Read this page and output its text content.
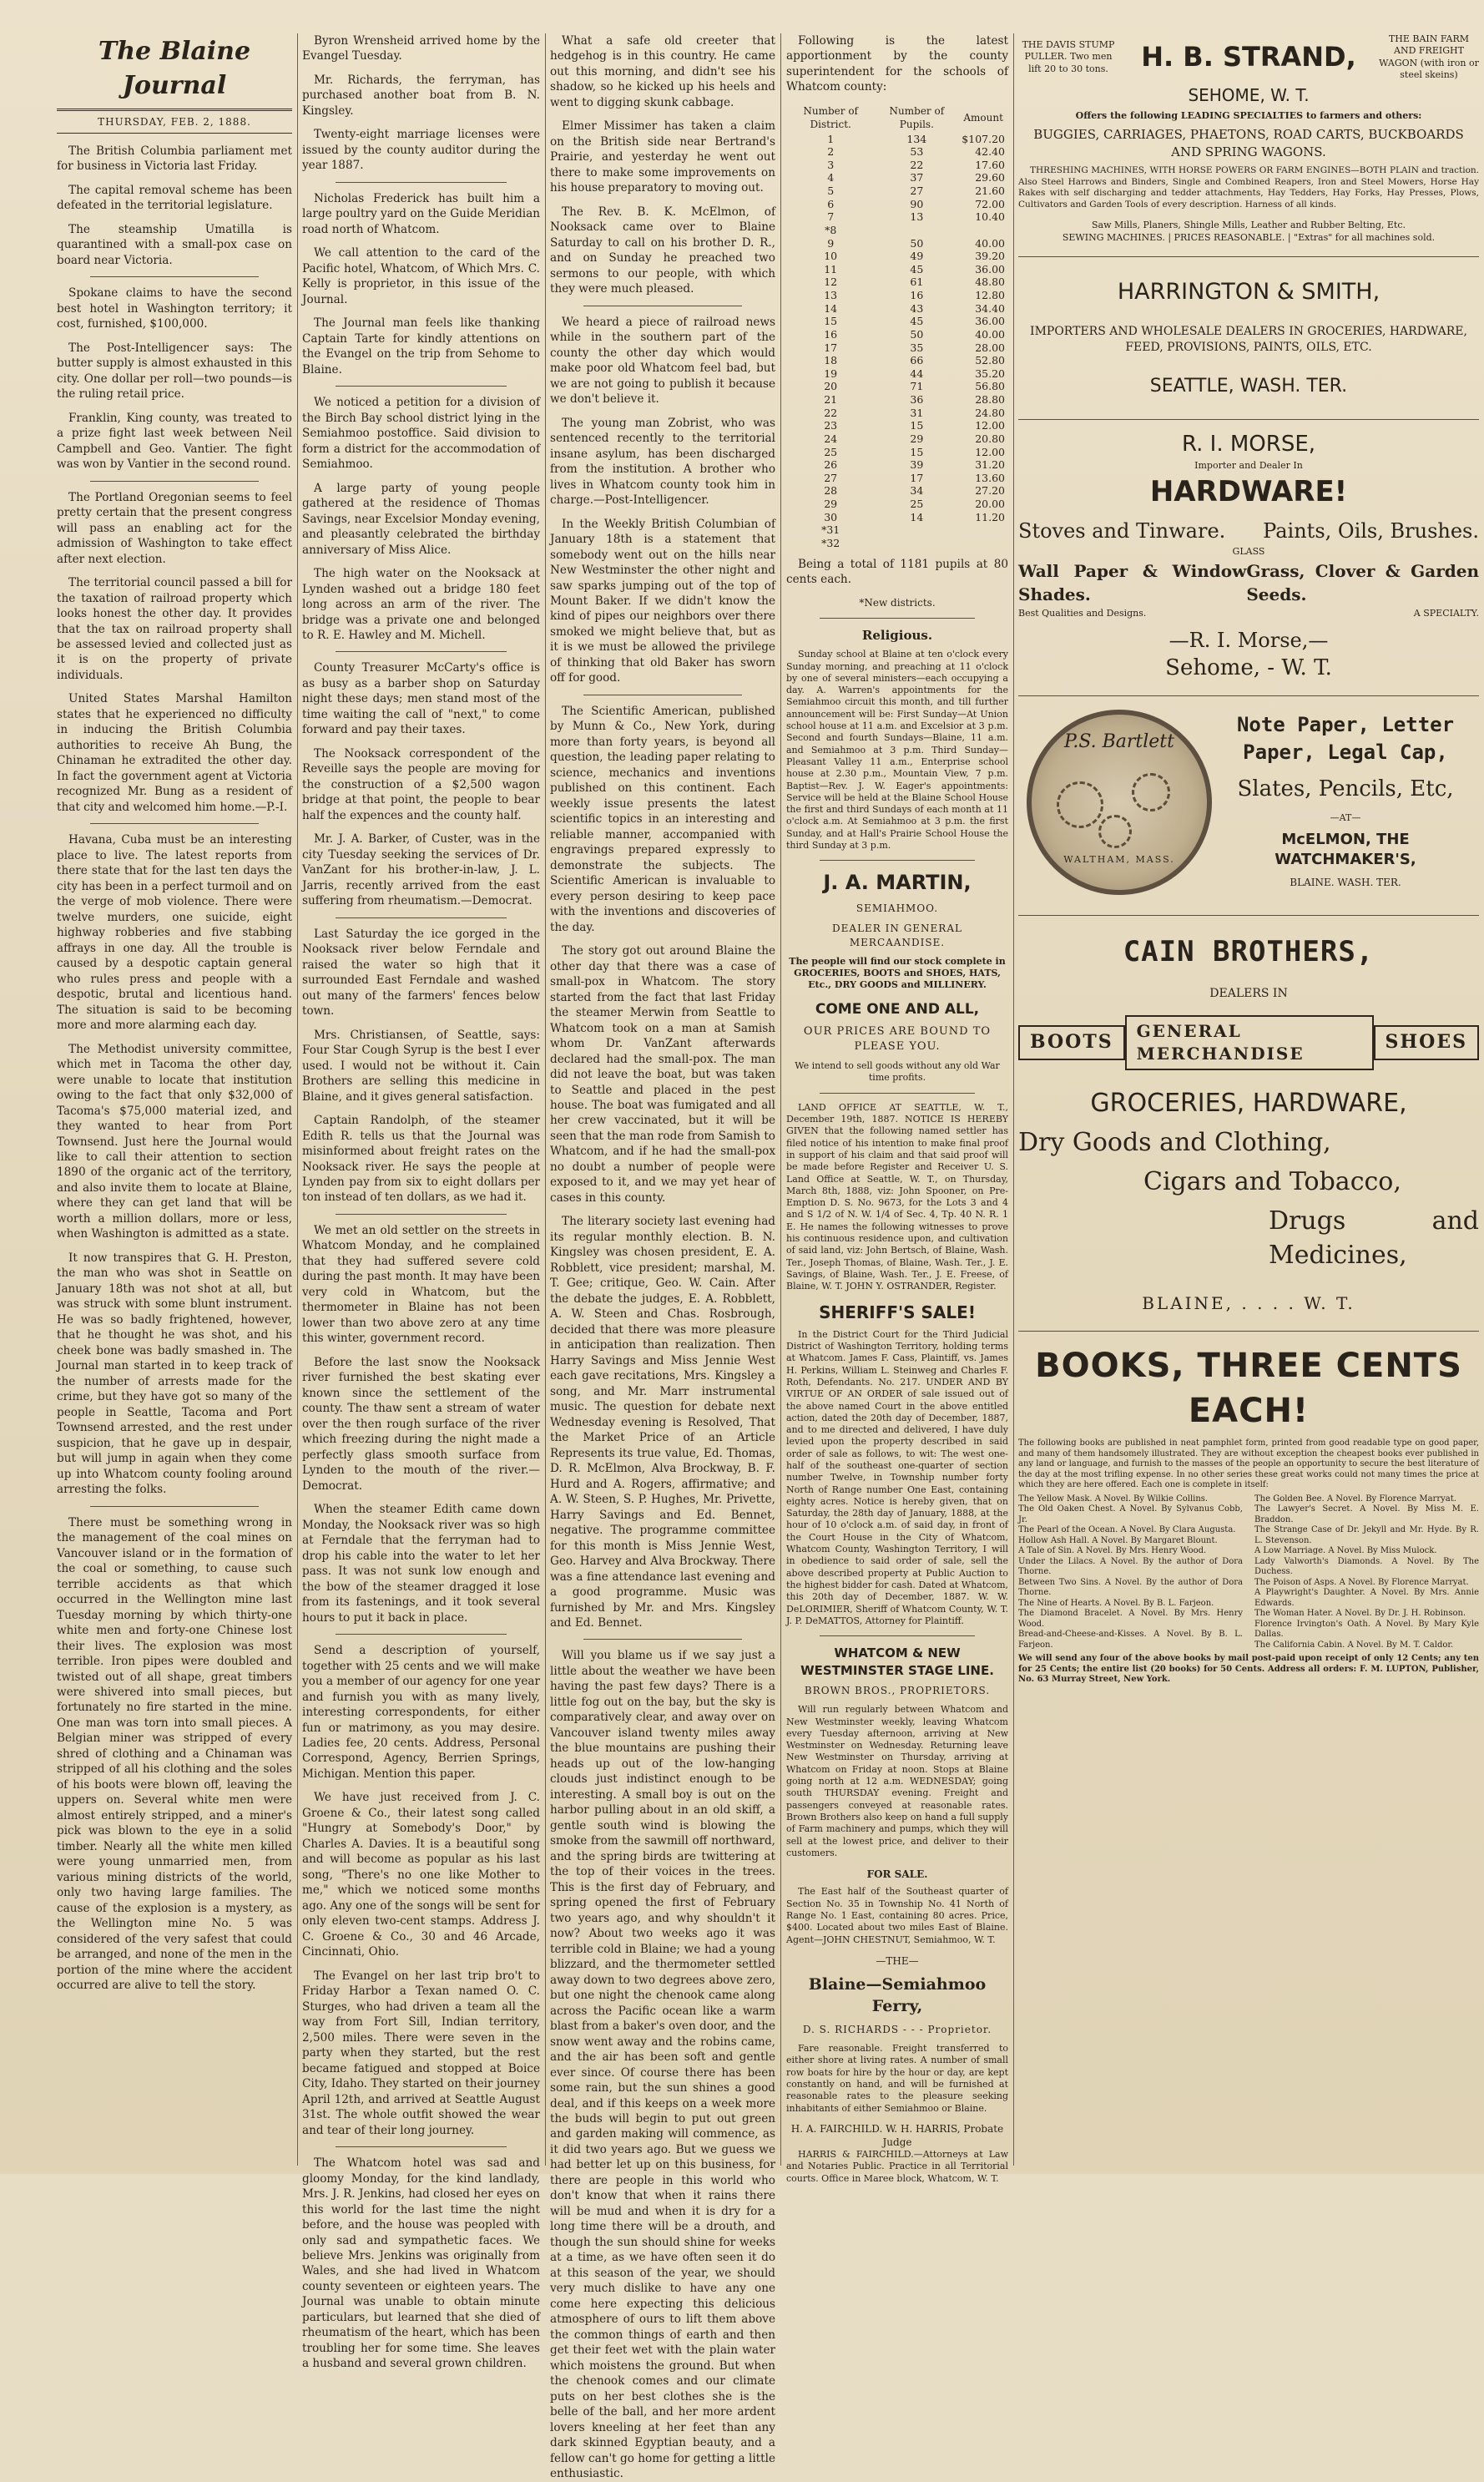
The Blaine Journal
THURSDAY, FEB. 2, 1888.

The British Columbia parliament met for business in Victoria last Friday.

The capital removal scheme has been defeated in the territorial legislature.

The steamship Umatilla is quarantined with a small-pox case on board near Victoria.

Spokane claims to have the second best hotel in Washington territory; it cost, furnished, $100,000.

The Post-Intelligencer says: The butter supply is almost exhausted in this city. One dollar per roll—two pounds—is the ruling retail price.

Franklin, King county, was treated to a prize fight last week between Neil Campbell and Geo. Vantier. The fight was won by Vantier in the second round.

The Portland Oregonian seems to feel pretty certain that the present congress will pass an enabling act for the admission of Washington to take effect after next election.

The territorial council passed a bill for the taxation of railroad property which looks honest the other day. It provides that the tax on railroad property shall be assessed levied and collected just as it is on the property of private individuals.

United States Marshal Hamilton states that he experienced no difficulty in inducing the British Columbia authorities to receive Ah Bung, the Chinaman he extradited the other day. In fact the government agent at Victoria recognized Mr. Bung as a resident of that city and welcomed him home.—P.-I.

Havana, Cuba must be an interesting place to live. The latest reports from there state that for the last ten days the city has been in a perfect turmoil and on the verge of mob violence. There were twelve murders, one suicide, eight highway robberies and five stabbing affrays in one day. All the trouble is caused by a despotic captain general who rules press and people with a despotic, brutal and licentious hand. The situation is said to be becoming more and more alarming each day.

The Methodist university committee, which met in Tacoma the other day, were unable to locate that institution owing to the fact that only $32,000 of Tacoma's $75,000 material ized, and they wanted to hear from Port Townsend. Just here the Journal would like to call their attention to section 1890 of the organic act of the territory, and also invite them to locate at Blaine, where they can get land that will be worth a million dollars, more or less, when Washington is admitted as a state.

It now transpires that G. H. Preston, the man who was shot in Seattle on January 18th was not shot at all, but was struck with some blunt instrument. He was so badly frightened, however, that he thought he was shot, and his cheek bone was badly smashed in. The Journal man started in to keep track of the number of arrests made for the crime, but they have got so many of the people in Seattle, Tacoma and Port Townsend arrested, and the rest under suspicion, that he gave up in despair, but will jump in again when they come up into Whatcom county fooling around arresting the folks.

There must be something wrong in the management of the coal mines on Vancouver island or in the formation of the coal or something, to cause such terrible accidents as that which occurred in the Wellington mine last Tuesday morning by which thirty-one white men and forty-one Chinese lost their lives. The explosion was most terrible. Iron pipes were doubled and twisted out of all shape, great timbers were shivered into small pieces, but fortunately no fire started in the mine. One man was torn into small pieces. A Belgian miner was stripped of every shred of clothing and a Chinaman was stripped of all his clothing and the soles of his boots were blown off, leaving the uppers on. Several white men were almost entirely stripped, and a miner's pick was blown to the eye in a solid timber. Nearly all the white men killed were young unmarried men, from various mining districts of the world, only two having large families. The cause of the explosion is a mystery, as the Wellington mine No. 5 was considered of the very safest that could be arranged, and none of the men in the portion of the mine where the accident occurred are alive to tell the story.

Byron Wrensheid arrived home by the Evangel Tuesday.

Mr. Richards, the ferryman, has purchased another boat from B. N. Kingsley.

Twenty-eight marriage licenses were issued by the county auditor during the year 1887.

Nicholas Frederick has built him a large poultry yard on the Guide Meridian road north of Whatcom.

We call attention to the card of the Pacific hotel, Whatcom, of Which Mrs. C. Kelly is proprietor, in this issue of the Journal.

The Journal man feels like thanking Captain Tarte for kindly attentions on the Evangel on the trip from Sehome to Blaine.

We noticed a petition for a division of the Birch Bay school district lying in the Semiahmoo postoffice. Said division to form a district for the accommodation of Semiahmoo.

A large party of young people gathered at the residence of Thomas Savings, near Excelsior Monday evening, and pleasantly celebrated the birthday anniversary of Miss Alice.

The high water on the Nooksack at Lynden washed out a bridge 180 feet long across an arm of the river. The bridge was a private one and belonged to R. E. Hawley and M. Michell.

County Treasurer McCarty's office is as busy as a barber shop on Saturday night these days; men stand most of the time waiting the call of "next," to come forward and pay their taxes.

The Nooksack correspondent of the Reveille says the people are moving for the construction of a $2,500 wagon bridge at that point, the people to bear half the expences and the county half.

Mr. J. A. Barker, of Custer, was in the city Tuesday seeking the services of Dr. VanZant for his brother-in-law, J. L. Jarris, recently arrived from the east suffering from rheumatism.—Democrat.

Last Saturday the ice gorged in the Nooksack river below Ferndale and raised the water so high that it surrounded East Ferndale and washed out many of the farmers' fences below town.

Mrs. Christiansen, of Seattle, says: Four Star Cough Syrup is the best I ever used. I would not be without it. Cain Brothers are selling this medicine in Blaine, and it gives general satisfaction.

Captain Randolph, of the steamer Edith R. tells us that the Journal was misinformed about freight rates on the Nooksack river. He says the people at Lynden pay from six to eight dollars per ton instead of ten dollars, as we had it.

We met an old settler on the streets in Whatcom Monday, and he complained that they had suffered severe cold during the past month. It may have been very cold in Whatcom, but the thermometer in Blaine has not been lower than two above zero at any time this winter, government record.

Before the last snow the Nooksack river furnished the best skating ever known since the settlement of the county. The thaw sent a stream of water over the then rough surface of the river which freezing during the night made a perfectly glass smooth surface from Lynden to the mouth of the river.—Democrat.

When the steamer Edith came down Monday, the Nooksack river was so high at Ferndale that the ferryman had to drop his cable into the water to let her pass. It was not sunk low enough and the bow of the steamer dragged it lose from its fastenings, and it took several hours to put it back in place.

Send a description of yourself, together with 25 cents and we will make you a member of our agency for one year and furnish you with as many lively, interesting correspondents, for either fun or matrimony, as you may desire. Ladies fee, 20 cents. Address, Personal Correspond, Agency, Berrien Springs, Michigan. Mention this paper.

We have just received from J. C. Groene & Co., their latest song called "Hungry at Somebody's Door," by Charles A. Davies. It is a beautiful song and will become as popular as his last song, "There's no one like Mother to me," which we noticed some months ago. Any one of the songs will be sent for only eleven two-cent stamps. Address J. C. Groene & Co., 30 and 46 Arcade, Cincinnati, Ohio.

The Evangel on her last trip bro't to Friday Harbor a Texan named O. C. Sturges, who had driven a team all the way from Fort Sill, Indian territory, 2,500 miles. There were seven in the party when they started, but the rest became fatigued and stopped at Boice City, Idaho. They started on their journey April 12th, and arrived at Seattle August 31st. The whole outfit showed the wear and tear of their long journey.

The Whatcom hotel was sad and gloomy Monday, for the kind landlady, Mrs. J. R. Jenkins, had closed her eyes on this world for the last time the night before, and the house was peopled with only sad and sympathetic faces. We believe Mrs. Jenkins was originally from Wales, and she had lived in Whatcom county seventeen or eighteen years. The Journal was unable to obtain minute particulars, but learned that she died of rheumatism of the heart, which has been troubling her for some time. She leaves a husband and several grown children.

What a safe old creeter that hedgehog is in this country. He came out this morning, and didn't see his shadow, so he kicked up his heels and went to digging skunk cabbage.

Elmer Missimer has taken a claim on the British side near Bertrand's Prairie, and yesterday he went out there to make some improvements on his house preparatory to moving out.

The Rev. B. K. McElmon, of Nooksack came over to Blaine Saturday to call on his brother D. R., and on Sunday he preached two sermons to our people, with which they were much pleased.

We heard a piece of railroad news while in the southern part of the county the other day which would make poor old Whatcom feel bad, but we are not going to publish it because we don't believe it.

The young man Zobrist, who was sentenced recently to the territorial insane asylum, has been discharged from the institution. A brother who lives in Whatcom county took him in charge.—Post-Intelligencer.

In the Weekly British Columbian of January 18th is a statement that somebody went out on the hills near New Westminster the other night and saw sparks jumping out of the top of Mount Baker. If we didn't know the kind of pipes our neighbors over there smoked we might believe that, but as it is we must be allowed the privilege of thinking that old Baker has sworn off for good.

The Scientific American, published by Munn & Co., New York, during more than forty years, is beyond all question, the leading paper relating to science, mechanics and inventions published on this continent. Each weekly issue presents the latest scientific topics in an interesting and reliable manner, accompanied with engravings prepared expressly to demonstrate the subjects. The Scientific American is invaluable to every person desiring to keep pace with the inventions and discoveries of the day.

The story got out around Blaine the other day that there was a case of small-pox in Whatcom. The story started from the fact that last Friday the steamer Merwin from Seattle to Whatcom took on a man at Samish whom Dr. VanZant afterwards declared had the small-pox. The man did not leave the boat, but was taken to Seattle and placed in the pest house. The boat was fumigated and all her crew vaccinated, but it will be seen that the man rode from Samish to Whatcom, and if he had the small-pox no doubt a number of people were exposed to it, and we may yet hear of cases in this county.

The literary society last evening had its regular monthly election. B. N. Kingsley was chosen president, E. A. Robblett, vice president; marshal, M. T. Gee; critique, Geo. W. Cain. After the debate the judges, E. A. Robblett, A. W. Steen and Chas. Rosbrough, decided that there was more pleasure in anticipation than realization. Then Harry Savings and Miss Jennie West each gave recitations, Mrs. Kingsley a song, and Mr. Marr instrumental music. The question for debate next Wednesday evening is Resolved, That the Market Price of an Article Represents its true value, Ed. Thomas, D. R. McElmon, Alva Brockway, B. F. Hurd and A. Rogers, affirmative; and A. W. Steen, S. P. Hughes, Mr. Privette, Harry Savings and Ed. Bennet, negative. The programme committee for this month is Miss Jennie West, Geo. Harvey and Alva Brockway. There was a fine attendance last evening and a good programme. Music was furnished by Mr. and Mrs. Kingsley and Ed. Bennet.

Will you blame us if we say just a little about the weather we have been having the past few days? There is a little fog out on the bay, but the sky is comparatively clear, and away over on Vancouver island twenty miles away the blue mountains are pushing their heads up out of the low-hanging clouds just indistinct enough to be interesting. A small boy is out on the harbor pulling about in an old skiff, a gentle south wind is blowing the smoke from the sawmill off northward, and the spring birds are twittering at the top of their voices in the trees. This is the first day of February, and spring opened the first of February two years ago, and why shouldn't it now? About two weeks ago it was terrible cold in Blaine; we had a young blizzard, and the thermometer settled away down to two degrees above zero, but one night the chenook came along across the Pacific ocean like a warm blast from a baker's oven door, and the snow went away and the robins came, and the air has been soft and gentle ever since. Of course there has been some rain, but the sun shines a good deal, and if this keeps on a week more the buds will begin to put out green and garden making will commence, as it did two years ago. But we guess we had better let up on this business, for there are people in this world who don't know that when it rains there will be mud and when it is dry for a long time there will be a drouth, and though the sun should shine for weeks at a time, as we have often seen it do at this season of the year, we should very much dislike to have any one come here expecting this delicious atmosphere of ours to lift them above the common things of earth and then get their feet wet with the plain water which moistens the ground. But when the chenook comes and our climate puts on her best clothes she is the belle of the ball, and her more ardent lovers kneeling at her feet than any dark skinned Egyptian beauty, and a fellow can't go home for getting a little enthusiastic.

Following is the latest apportionment by the county superintendent for the schools of Whatcom county:

Number of District.	Number of Pupils.	Amount
1	134	$107.20
2	53	42.40
3	22	17.60
4	37	29.60
5	27	21.60
6	90	72.00
7	13	10.40
*8		
9	50	40.00
10	49	39.20
11	45	36.00
12	61	48.80
13	16	12.80
14	43	34.40
15	45	36.00
16	50	40.00
17	35	28.00
18	66	52.80
19	44	35.20
20	71	56.80
21	36	28.80
22	31	24.80
23	15	12.00
24	29	20.80
25	15	12.00
26	39	31.20
27	17	13.60
28	34	27.20
29	25	20.00
30	14	11.20
*31		
*32		

Being a total of 1181 pupils at 80 cents each.

*New districts.

Religious.

Sunday school at Blaine at ten o'clock every Sunday morning, and preaching at 11 o'clock by one of several ministers—each occupying a day. A. Warren's appointments for the Semiahmoo circuit this month, and till further announcement will be: First Sunday—At Union school house at 11 a.m. and Excelsior at 3 p.m. Second and fourth Sundays—Blaine, 11 a.m. and Semiahmoo at 3 p.m. Third Sunday—Pleasant Valley 11 a.m., Enterprise school house at 2.30 p.m., Mountain View, 7 p.m. Baptist—Rev. J. W. Eager's appointments: Service will be held at the Blaine School House the first and third Sundays of each month at 11 o'clock a.m. At Semiahmoo at 3 p.m. the first Sunday, and at Hall's Prairie School House the third Sunday at 3 p.m.

J. A. MARTIN,
SEMIAHMOO.
DEALER IN GENERAL MERCAANDISE.

The people will find our stock complete in GROCERIES, BOOTS and SHOES, HATS, Etc., DRY GOODS and MILLINERY.

COME ONE AND ALL,
OUR PRICES ARE BOUND TO PLEASE YOU.

We intend to sell goods without any old War time profits.

LAND OFFICE AT SEATTLE, W. T., December 19th, 1887. NOTICE IS HEREBY GIVEN that the following named settler has filed notice of his intention to make final proof in support of his claim and that said proof will be made before Register and Receiver U. S. Land Office at Seattle, W. T., on Thursday, March 8th, 1888, viz: John Spooner, on Pre-Emption D. S. No. 9673, for the Lots 3 and 4 and S 1/2 of N. W. 1/4 of Sec. 4, Tp. 40 N. R. 1 E. He names the following witnesses to prove his continuous residence upon, and cultivation of said land, viz: John Bertsch, of Blaine, Wash. Ter., Joseph Thomas, of Blaine, Wash. Ter., J. E. Savings, of Blaine, Wash. Ter., J. E. Freese, of Blaine, W. T. JOHN Y. OSTRANDER, Register.

SHERIFF'S SALE!

In the District Court for the Third Judicial District of Washington Territory, holding terms at Whatcom. James F. Cass, Plaintiff, vs. James H. Perkins, William L. Steinweg and Charles F. Roth, Defendants. No. 217. UNDER AND BY VIRTUE OF AN ORDER of sale issued out of the above named Court in the above entitled action, dated the 20th day of December, 1887, and to me directed and delivered, I have duly levied upon the property described in said order of sale as follows, to wit: The west one-half of the southeast one-quarter of section number Twelve, in Township number forty North of Range number One East, containing eighty acres. Notice is hereby given, that on Saturday, the 28th day of January, 1888, at the hour of 10 o'clock a.m. of said day, in front of the Court House in the City of Whatcom, Whatcom County, Washington Territory, I will in obedience to said order of sale, sell the above described property at Public Auction to the highest bidder for cash. Dated at Whatcom, this 20th day of December, 1887. W. W. DeLORIMIER, Sheriff of Whatcom County, W. T. J. P. DeMATTOS, Attorney for Plaintiff.

WHATCOM & NEW WESTMINSTER STAGE LINE.
BROWN BROS., PROPRIETORS.

Will run regularly between Whatcom and New Westminster weekly, leaving Whatcom every Tuesday afternoon, arriving at New Westminster on Wednesday. Returning leave New Westminster on Thursday, arriving at Whatcom on Friday at noon. Stops at Blaine going north at 12 a.m. WEDNESDAY; going south THURSDAY evening. Freight and passengers conveyed at reasonable rates. Brown Brothers also keep on hand a full supply of Farm machinery and pumps, which they will sell at the lowest price, and deliver to their customers.

FOR SALE.

The East half of the Southeast quarter of Section No. 35 in Township No. 41 North of Range No. 1 East, containing 80 acres. Price, $400. Located about two miles East of Blaine. Agent—JOHN CHESTNUT, Semiahmoo, W. T.

—THE—
Blaine—Semiahmoo Ferry,
D. S. RICHARDS - - - Proprietor.

Fare reasonable. Freight transferred to either shore at living rates. A number of small row boats for hire by the hour or day, are kept constantly on hand, and will be furnished at reasonable rates to the pleasure seeking inhabitants of either Semiahmoo or Blaine.

H. A. FAIRCHILD. W. H. HARRIS, Probate Judge

HARRIS & FAIRCHILD.—Attorneys at Law and Notaries Public. Practice in all Territorial courts. Office in Maree block, Whatcom, W. T.

THE DAVIS STUMP PULLER. Two men lift 20 to 30 tons.	H. B. STRAND,
THE BAIN FARM AND FREIGHT WAGON (with iron or steel skeins)
SEHOME, W. T.
Offers the following LEADING SPECIALTIES to farmers and others:
BUGGIES, CARRIAGES, PHAETONS, ROAD CARTS, BUCKBOARDS
AND SPRING WAGONS.

THRESHING MACHINES, WITH HORSE POWERS OR FARM ENGINES—BOTH PLAIN and traction. Also Steel Harrows and Binders, Single and Combined Reapers, Iron and Steel Mowers, Horse Hay Rakes with self discharging and tedder attachments, Hay Tedders, Hay Forks, Hay Presses, Plows, Cultivators and Garden Tools of every description. Harness of all kinds.

Saw Mills, Planers, Shingle Mills, Leather and Rubber Belting, Etc.
SEWING MACHINES. | PRICES REASONABLE. | "Extras" for all machines sold.
HARRINGTON & SMITH,
IMPORTERS AND WHOLESALE DEALERS IN GROCERIES, HARDWARE, FEED, PROVISIONS, PAINTS, OILS, ETC.
SEATTLE, WASH. TER.
R. I. MORSE,
Importer and Dealer In
HARDWARE!
Stoves and Tinware. Paints, Oils, Brushes.
GLASS
Wall Paper & Window Shades.
Grass, Clover & Garden Seeds.
Best Qualities and Designs.	A SPECIALTY.
—R. I. Morse,—
Sehome, - W. T.
P.S. Bartlett
WALTHAM, MASS.
Note Paper, Letter Paper, Legal Cap,
Slates, Pencils, Etc,
—AT—
McELMON, THE WATCHMAKER'S,
BLAINE. WASH. TER.
CAIN BROTHERS,
DEALERS IN
BOOTS
GENERAL MERCHANDISE
SHOES
GROCERIES, HARDWARE,
Dry Goods and Clothing,
Cigars and Tobacco,
Drugs and Medicines,
BLAINE, . . . . W. T.
BOOKS, THREE CENTS EACH!
The following books are published in neat pamphlet form, printed from good readable type on good paper, and many of them handsomely illustrated. They are without exception the cheapest books ever published in any land or language, and furnish to the masses of the people an opportunity to secure the best literature of the day at the most trifling expense. In no other series these great works could not many times the price at which they are here offered. Each one is complete in itself:
The Yellow Mask. A Novel. By Wilkie Collins.
The Old Oaken Chest. A Novel. By Sylvanus Cobb, Jr.
The Pearl of the Ocean. A Novel. By Clara Augusta.
Hollow Ash Hall. A Novel. By Margaret Blount.
A Tale of Sin. A Novel. By Mrs. Henry Wood.
Under the Lilacs. A Novel. By the author of Dora Thorne.
Between Two Sins. A Novel. By the author of Dora Thorne.
The Nine of Hearts. A Novel. By B. L. Farjeon.
The Diamond Bracelet. A Novel. By Mrs. Henry Wood.
Bread-and-Cheese-and-Kisses. A Novel. By B. L. Farjeon.
The Golden Bee. A Novel. By Florence Marryat.
The Lawyer's Secret. A Novel. By Miss M. E. Braddon.
The Strange Case of Dr. Jekyll and Mr. Hyde. By R. L. Stevenson.
A Low Marriage. A Novel. By Miss Mulock.
Lady Valworth's Diamonds. A Novel. By The Duchess.
The Poison of Asps. A Novel. By Florence Marryat.
A Playwright's Daughter. A Novel. By Mrs. Annie Edwards.
The Woman Hater. A Novel. By Dr. J. H. Robinson.
Florence Irvington's Oath. A Novel. By Mary Kyle Dallas.
The California Cabin. A Novel. By M. T. Caldor.
We will send any four of the above books by mail post-paid upon receipt of only 12 Cents; any ten for 25 Cents; the entire list (20 books) for 50 Cents. Address all orders: F. M. LUPTON, Publisher, No. 63 Murray Street, New York.
